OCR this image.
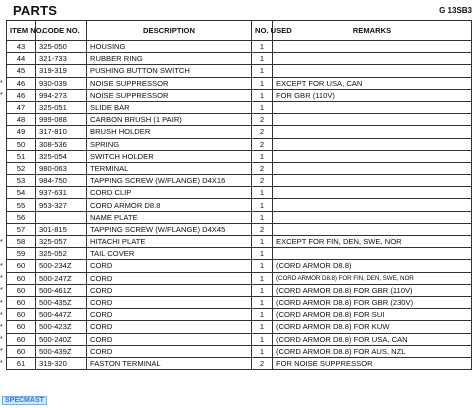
PARTS	G 13SB3
ITEM NO.	CODE NO.	DESCRIPTION	NO. USED	REMARKS
43	325-050	HOUSING	1	
44	321-733	RUBBER RING	1	
45	319-319	PUSHING BUTTON SWITCH	1	
46	930-039	NOISE SUPPRESSOR	1	EXCEPT FOR USA, CAN
46	994-273	NOISE SUPPRESSOR	1	FOR GBR (110V)
47	325-051	SLIDE BAR	1	
48	999-088	CARBON BRUSH (1 PAIR)	2	
49	317-810	BRUSH HOLDER	2	
50	308-536	SPRING	2	
51	325-054	SWITCH HOLDER	1	
52	980-063	TERMINAL	2	
53	984-750	TAPPING SCREW (W/FLANGE) D4X16	2	
54	937-631	CORD CLIP	1	
55	953-327	CORD ARMOR D8.8	1	
56		NAME PLATE	1	
57	301-815	TAPPING SCREW (W/FLANGE) D4X45	2	
58	325-057	HITACHI PLATE	1	EXCEPT FOR FIN, DEN, SWE, NOR
59	325-052	TAIL COVER	1	
60	500-234Z	CORD	1	(CORD ARMOR D8.8)
60	500-247Z	CORD	1	(CORD ARMOR D8.8) FOR FIN, DEN, SWE, NOR
60	500-461Z	CORD	1	(CORD ARMOR D8.8) FOR GBR (110V)
60	500-435Z	CORD	1	(CORD ARMOR D8.8) FOR GBR (230V)
60	500-447Z	CORD	1	(CORD ARMOR D8.8) FOR SUI
60	500-423Z	CORD	1	(CORD ARMOR D8.8) FOR KUW
60	500-240Z	CORD	1	(CORD ARMOR D8.8) FOR USA, CAN
60	500-439Z	CORD	1	(CORD ARMOR D8.8) FOR AUS, NZL
61	319-320	FASTON TERMINAL	2	FOR NOISE SUPPRESSOR
*
*
*
*
*
*
*
*
*
*
*
*
SPECMAST
